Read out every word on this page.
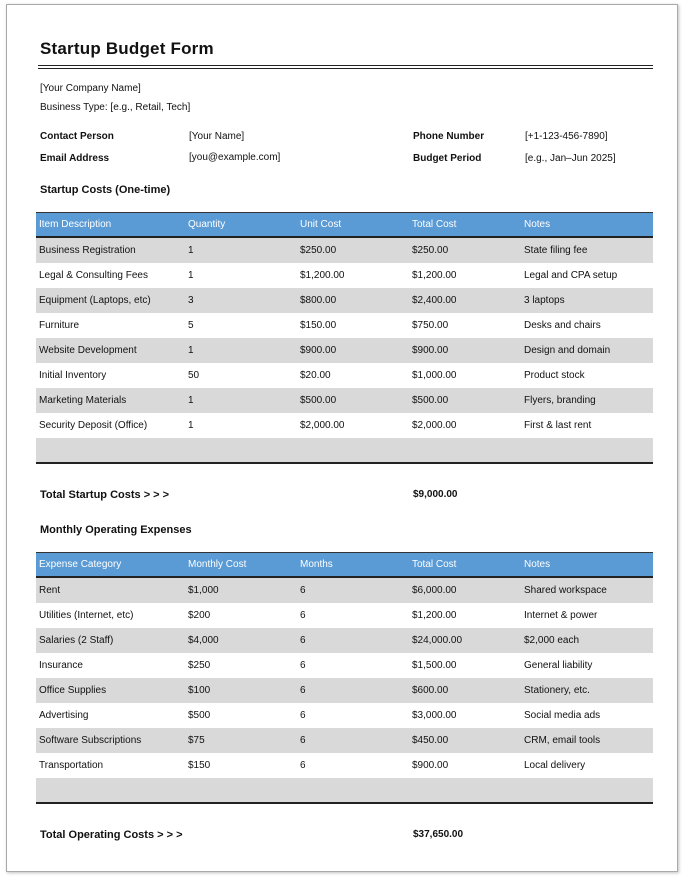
Startup Budget Form
[Your Company Name]
Business Type: [e.g., Retail, Tech]
Contact Person	[Your Name]	Phone Number	[+1-123-456-7890]
Email Address	[you@example.com]	Budget Period	[e.g., Jan–Jun 2025]
Startup Costs (One-time)
Item Description	Quantity	Unit Cost	Total Cost	Notes
Business Registration	1	$250.00	$250.00	State filing fee
Legal & Consulting Fees	1	$1,200.00	$1,200.00	Legal and CPA setup
Equipment (Laptops, etc)	3	$800.00	$2,400.00	3 laptops
Furniture	5	$150.00	$750.00	Desks and chairs
Website Development	1	$900.00	$900.00	Design and domain
Initial Inventory	50	$20.00	$1,000.00	Product stock
Marketing Materials	1	$500.00	$500.00	Flyers, branding
Security Deposit (Office)	1	$2,000.00	$2,000.00	First & last rent

Total Startup Costs > > >	$9,000.00
Monthly Operating Expenses
Expense Category	Monthly Cost	Months	Total Cost	Notes
Rent	$1,000	6	$6,000.00	Shared workspace
Utilities (Internet, etc)	$200	6	$1,200.00	Internet & power
Salaries (2 Staff)	$4,000	6	$24,000.00	$2,000 each
Insurance	$250	6	$1,500.00	General liability
Office Supplies	$100	6	$600.00	Stationery, etc.
Advertising	$500	6	$3,000.00	Social media ads
Software Subscriptions	$75	6	$450.00	CRM, email tools
Transportation	$150	6	$900.00	Local delivery

Total Operating Costs > > >	$37,650.00
